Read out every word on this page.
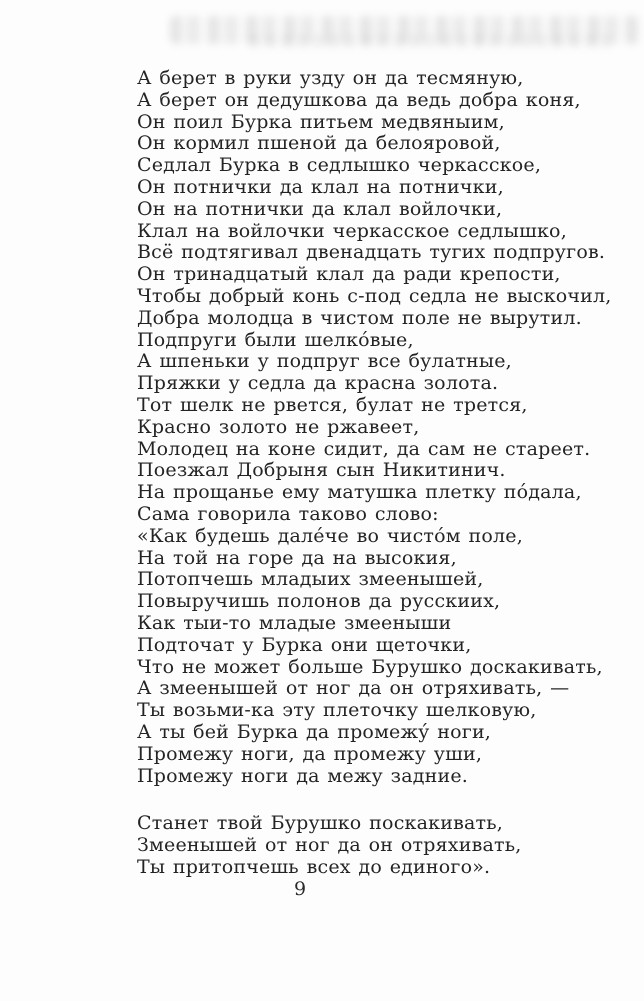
А берет в руки узду он да тесмяную,
А берет он дедушкова да ведь добра коня,
Он поил Бурка питьем медвяныим,
Он кормил пшеной да белояровой,
Седлал Бурка в седлышко черкасское,
Он потнички да клал на потнички,
Он на потнички да клал войлочки,
Клал на войлочки черкасское седлышко,
Всё подтягивал двенадцать тугих подпругов.
Он тринадцатый клал да ради крепости,
Чтобы добрый конь с-под седла не выскочил,
Добра молодца в чистом поле не вырутил.
Подпруги были шелко́вые,
А шпеньки у подпруг все булатные,
Пряжки у седла да красна золота.
Тот шелк не рвется, булат не трется,
Красно золото не ржавеет,
Молодец на коне сидит, да сам не стареет.
Поезжал Добрыня сын Никитинич.
На прощанье ему матушка плетку по́дала,
Сама говорила таково слово:
«Как будешь дале́че во чисто́м поле,
На той на горе да на высокия,
Потопчешь младыих змеенышей,
Повыручишь полонов да русскиих,
Как тыи-то младые змееныши
Подточат у Бурка они щеточки,
Что не может больше Бурушко доскакивать,
А змеенышей от ног да он отряхивать, —
Ты возьми-ка эту плеточку шелковую,
А ты бей Бурка да промежу́ ноги,
Промежу ноги, да промежу уши,
Промежу ноги да межу задние.
Станет твой Бурушко поскакивать,
Змеенышей от ног да он отряхивать,
Ты притопчешь всех до единого».
9
